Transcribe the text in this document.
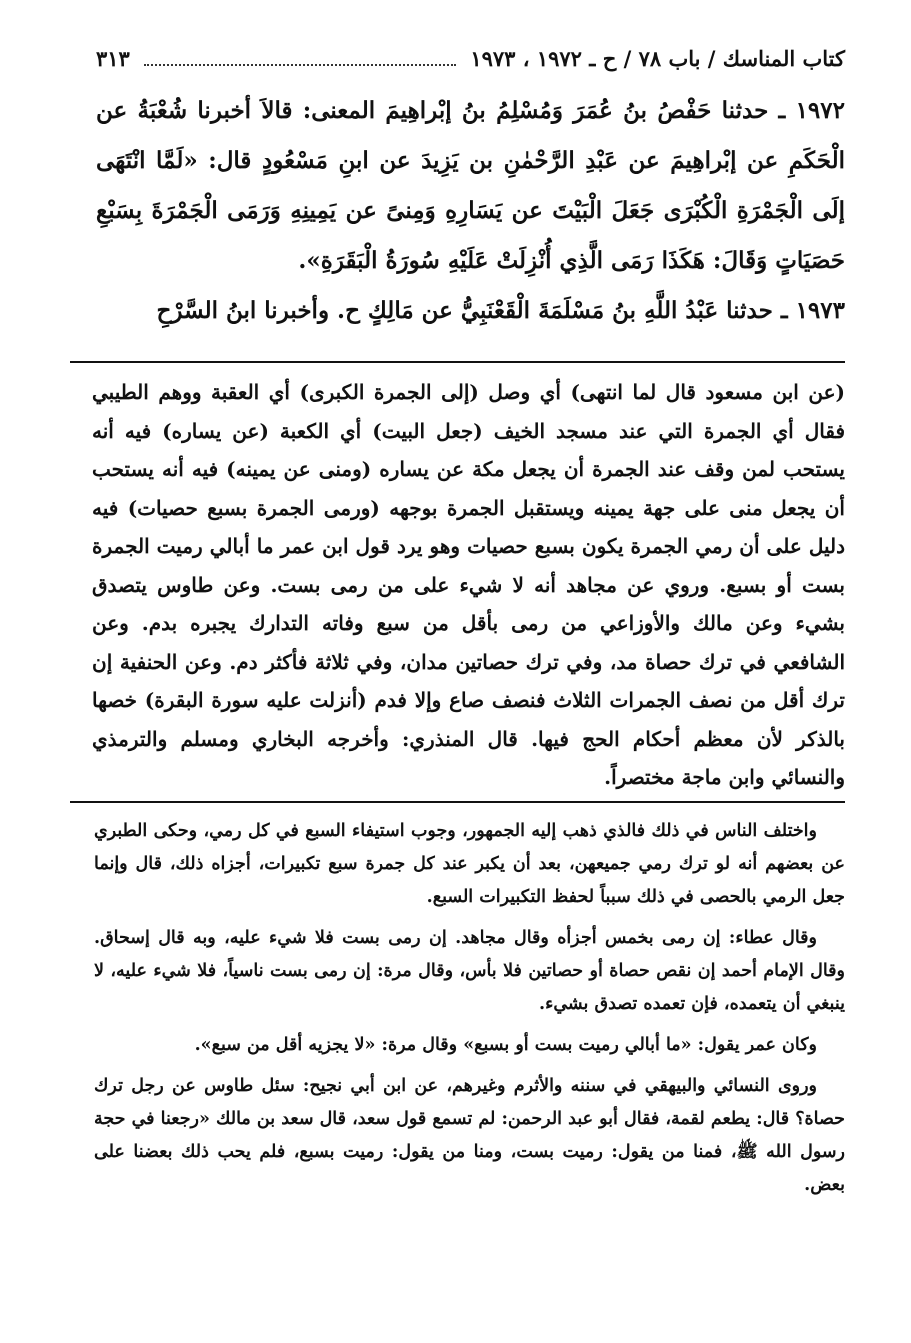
كتاب المناسك / باب ٧٨ / ح ـ ١٩٧٢ ، ١٩٧٣
٣١٣

١٩٧٢ ـ حدثنا حَفْصُ بنُ عُمَرَ وَمُسْلِمُ بنُ إبْراهِيمَ المعنى: قالاَ أخبرنا شُعْبَةُ عن الْحَكَمِ عن إبْراهِيمَ عن عَبْدِ الرَّحْمٰنِ بن يَزِيدَ عن ابنِ مَسْعُودٍ قال: «لَمَّا انْتَهَى إلَى الْجَمْرَةِ الْكُبْرَى جَعَلَ الْبَيْتَ عن يَسَارِهِ وَمِنىً عن يَمِينِهِ وَرَمَى الْجَمْرَةَ بِسَبْعِ حَصَيَاتٍ وَقَالَ: هَكَذَا رَمَى الَّذِي أُنْزِلَتْ عَلَيْهِ سُورَةُ الْبَقَرَةِ».

١٩٧٣ ـ حدثنا عَبْدُ اللَّهِ بنُ مَسْلَمَةَ الْقَعْنَبِيُّ عن مَالِكٍ ح. وأخبرنا ابنُ السَّرْحِ

(عن ابن مسعود قال لما انتهى) أي وصل (إلى الجمرة الكبرى) أي العقبة ووهم الطيبي فقال أي الجمرة التي عند مسجد الخيف (جعل البيت) أي الكعبة (عن يساره) فيه أنه يستحب لمن وقف عند الجمرة أن يجعل مكة عن يساره (ومنى عن يمينه) فيه أنه يستحب أن يجعل منى على جهة يمينه ويستقبل الجمرة بوجهه (ورمى الجمرة بسبع حصيات) فيه دليل على أن رمي الجمرة يكون بسبع حصيات وهو يرد قول ابن عمر ما أبالي رميت الجمرة بست أو بسبع. وروي عن مجاهد أنه لا شيء على من رمى بست. وعن طاوس يتصدق بشيء وعن مالك والأوزاعي من رمى بأقل من سبع وفاته التدارك يجبره بدم. وعن الشافعي في ترك حصاة مد، وفي ترك حصاتين مدان، وفي ثلاثة فأكثر دم. وعن الحنفية إن ترك أقل من نصف الجمرات الثلاث فنصف صاع وإلا فدم (أنزلت عليه سورة البقرة) خصها بالذكر لأن معظم أحكام الحج فيها. قال المنذري: وأخرجه البخاري ومسلم والترمذي والنسائي وابن ماجة مختصراً.

واختلف الناس في ذلك فالذي ذهب إليه الجمهور، وجوب استيفاء السبع في كل رمي، وحكى الطبري عن بعضهم أنه لو ترك رمي جميعهن، بعد أن يكبر عند كل جمرة سبع تكبيرات، أجزاه ذلك، قال وإنما جعل الرمي بالحصى في ذلك سبباً لحفظ التكبيرات السبع.

وقال عطاء: إن رمى بخمس أجزأه وقال مجاهد. إن رمى بست فلا شيء عليه، وبه قال إسحاق. وقال الإمام أحمد إن نقص حصاة أو حصاتين فلا بأس، وقال مرة: إن رمى بست ناسياً، فلا شيء عليه، لا ينبغي أن يتعمده، فإن تعمده تصدق بشيء.

وكان عمر يقول: «ما أبالي رميت بست أو بسبع» وقال مرة: «لا يجزيه أقل من سبع».

وروى النسائي والبيهقي في سننه والأثرم وغيرهم، عن ابن أبي نجيح: سئل طاوس عن رجل ترك حصاة؟ قال: يطعم لقمة، فقال أبو عبد الرحمن: لم تسمع قول سعد، قال سعد بن مالك «رجعنا في حجة رسول الله ﷺ، فمنا من يقول: رميت بست، ومنا من يقول: رميت بسبع، فلم يحب ذلك بعضنا على بعض.
